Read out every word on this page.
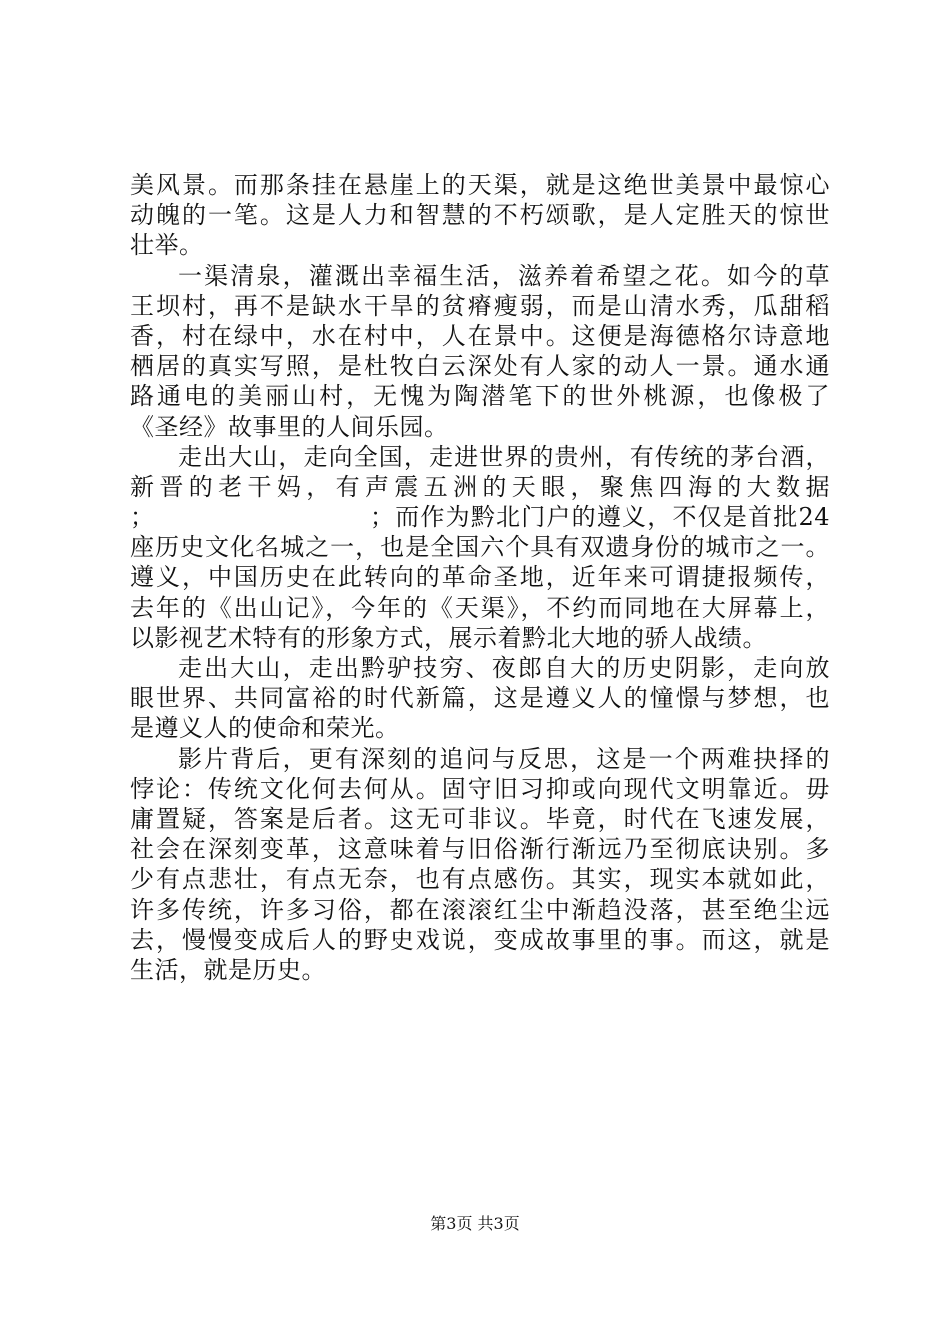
美风景。而那条挂在悬崖上的天渠，就是这绝世美景中最惊心
动魄的一笔。这是人力和智慧的不朽颂歌，是人定胜天的惊世
壮举。
一渠清泉，灌溉出幸福生活，滋养着希望之花。如今的草
王坝村，再不是缺水干旱的贫瘠瘦弱，而是山清水秀，瓜甜稻
香，村在绿中，水在村中，人在景中。这便是海德格尔诗意地
栖居的真实写照，是杜牧白云深处有人家的动人一景。通水通
路通电的美丽山村，无愧为陶潜笔下的世外桃源，也像极了
《圣经》故事里的人间乐园。
走出大山，走向全国，走进世界的贵州，有传统的茅台酒，
新晋的老干妈，有声震五洲的天眼，聚焦四海的大数据
；　　　　　　　　　；而作为黔北门户的遵义，不仅是首批24
座历史文化名城之一，也是全国六个具有双遗身份的城市之一。
遵义，中国历史在此转向的革命圣地，近年来可谓捷报频传，
去年的《出山记》，今年的《天渠》，不约而同地在大屏幕上，
以影视艺术特有的形象方式，展示着黔北大地的骄人战绩。
走出大山，走出黔驴技穷、夜郎自大的历史阴影，走向放
眼世界、共同富裕的时代新篇，这是遵义人的憧憬与梦想，也
是遵义人的使命和荣光。
影片背后，更有深刻的追问与反思，这是一个两难抉择的
悖论：传统文化何去何从。固守旧习抑或向现代文明靠近。毋
庸置疑，答案是后者。这无可非议。毕竟，时代在飞速发展，
社会在深刻变革，这意味着与旧俗渐行渐远乃至彻底诀别。多
少有点悲壮，有点无奈，也有点感伤。其实，现实本就如此，
许多传统，许多习俗，都在滚滚红尘中渐趋没落，甚至绝尘远
去，慢慢变成后人的野史戏说，变成故事里的事。而这，就是
生活，就是历史。
第3页 共3页
